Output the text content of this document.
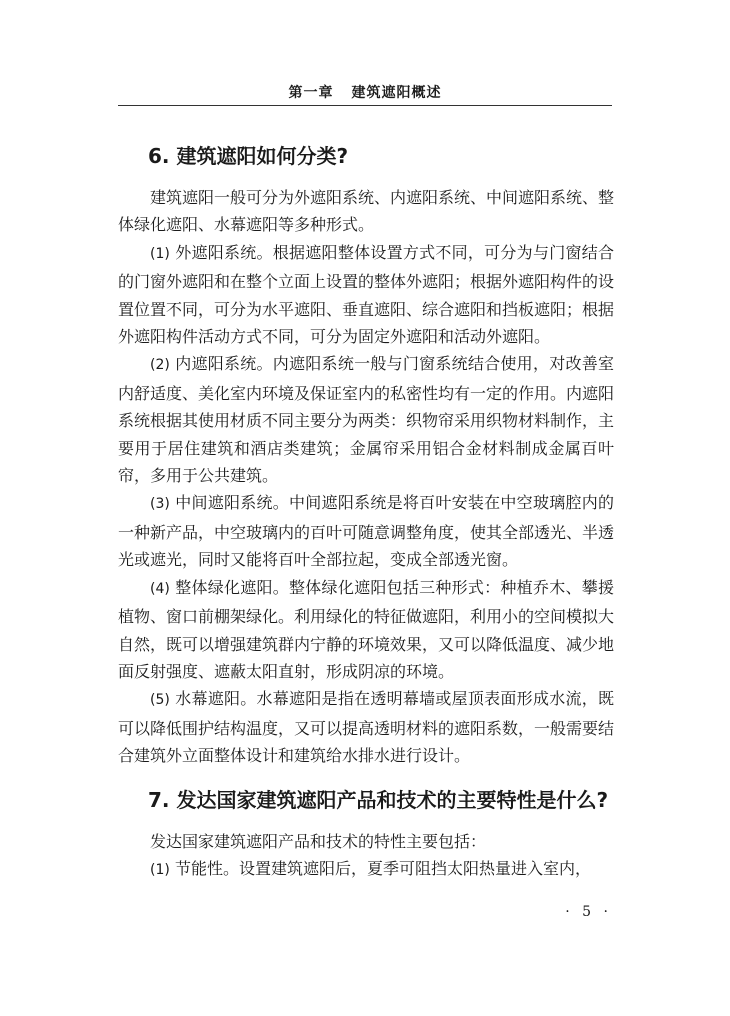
第一章 建筑遮阳概述
6. 建筑遮阳如何分类?

建筑遮阳一般可分为外遮阳系统、内遮阳系统、中间遮阳系统、整体绿化遮阳、水幕遮阳等多种形式。

(1) 外遮阳系统。根据遮阳整体设置方式不同，可分为与门窗结合的门窗外遮阳和在整个立面上设置的整体外遮阳；根据外遮阳构件的设置位置不同，可分为水平遮阳、垂直遮阳、综合遮阳和挡板遮阳；根据外遮阳构件活动方式不同，可分为固定外遮阳和活动外遮阳。

(2) 内遮阳系统。内遮阳系统一般与门窗系统结合使用，对改善室内舒适度、美化室内环境及保证室内的私密性均有一定的作用。内遮阳系统根据其使用材质不同主要分为两类：织物帘采用织物材料制作，主要用于居住建筑和酒店类建筑；金属帘采用铝合金材料制成金属百叶帘，多用于公共建筑。

(3) 中间遮阳系统。中间遮阳系统是将百叶安装在中空玻璃腔内的一种新产品，中空玻璃内的百叶可随意调整角度，使其全部透光、半透光或遮光，同时又能将百叶全部拉起，变成全部透光窗。

(4) 整体绿化遮阳。整体绿化遮阳包括三种形式：种植乔木、攀援植物、窗口前棚架绿化。利用绿化的特征做遮阳，利用小的空间模拟大自然，既可以增强建筑群内宁静的环境效果，又可以降低温度、减少地面反射强度、遮蔽太阳直射，形成阴凉的环境。

(5) 水幕遮阳。水幕遮阳是指在透明幕墙或屋顶表面形成水流，既可以降低围护结构温度，又可以提高透明材料的遮阳系数，一般需要结合建筑外立面整体设计和建筑给水排水进行设计。

7. 发达国家建筑遮阳产品和技术的主要特性是什么?

发达国家建筑遮阳产品和技术的特性主要包括：

(1) 节能性。设置建筑遮阳后，夏季可阻挡太阳热量进入室内，

· 5 ·
